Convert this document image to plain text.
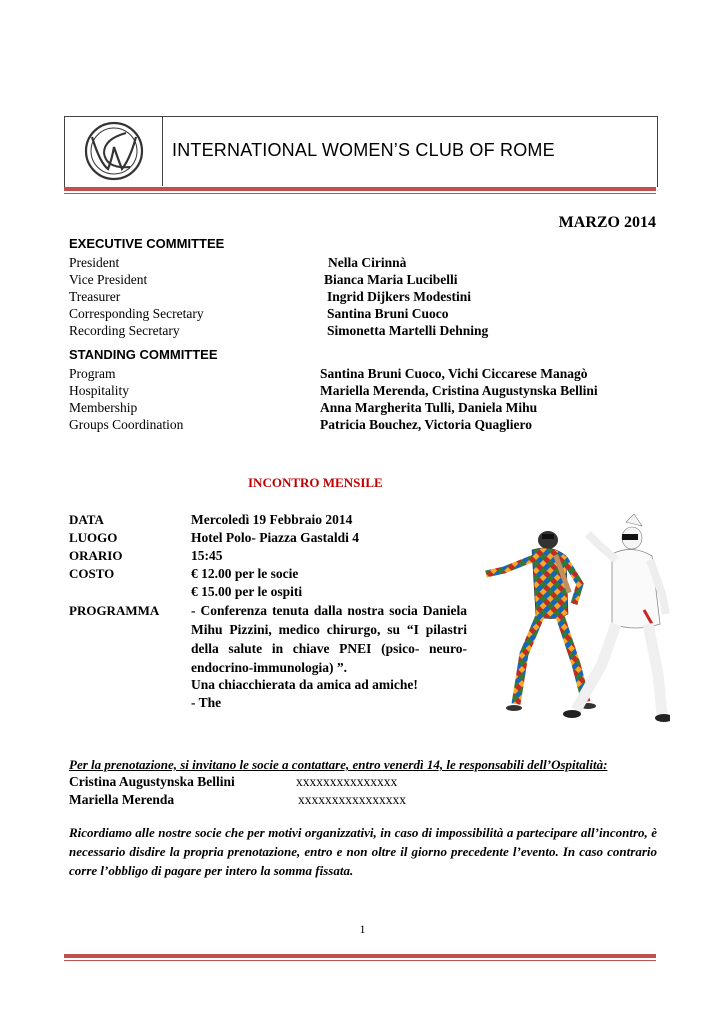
INTERNATIONAL WOMEN’S CLUB OF ROME
MARZO 2014
EXECUTIVE COMMITTEE
President	Nella Cirinnà
Vice President	Bianca Maria Lucibelli
Treasurer	Ingrid Dijkers Modestini
Corresponding Secretary	Santina Bruni Cuoco
Recording Secretary	Simonetta Martelli Dehning
STANDING COMMITTEE
Program	Santina Bruni Cuoco, Vichi Ciccarese Managò
Hospitality	Mariella Merenda, Cristina Augustynska Bellini
Membership	Anna Margherita Tulli, Daniela Mihu
Groups Coordination	Patricia Bouchez, Victoria Quagliero
INCONTRO MENSILE
DATA	Mercoledì 19 Febbraio 2014
LUOGO	Hotel Polo- Piazza Gastaldi 4
ORARIO	15:45
COSTO	€ 12.00 per le socie
€ 15.00 per le ospiti
PROGRAMMA - Conferenza tenuta dalla nostra socia Daniela Mihu Pizzini, medico chirurgo, su “I pilastri della salute in chiave PNEI (psico- neuro-endocrino-immunologia) ”.
Una chiacchierata da amica ad amiche!
- The
Per la prenotazione, si invitano le socie a contattare, entro venerdì 14, le responsabili dell’Ospitalità:
Cristina Augustynska Bellini	xxxxxxxxxxxxxxx
Mariella Merenda	xxxxxxxxxxxxxxxx
Ricordiamo alle nostre socie che per motivi organizzativi, in caso di impossibilità a partecipare all’incontro, è necessario disdire la propria prenotazione, entro e non oltre il giorno precedente l’evento. In caso contrario corre l’obbligo di pagare per intero la somma fissata.
1
